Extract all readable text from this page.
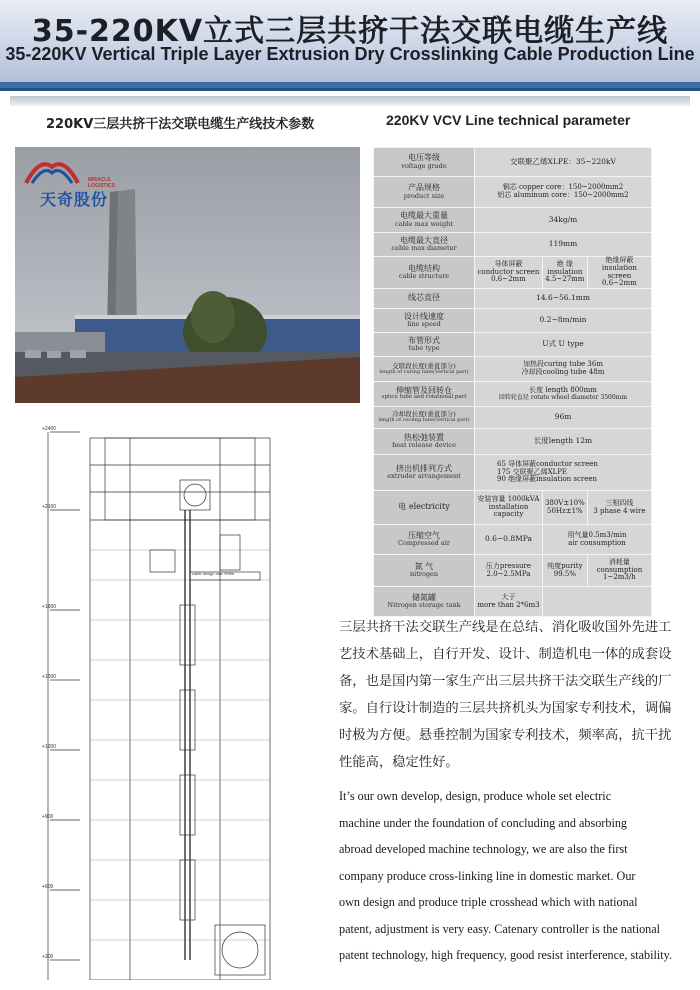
35-220KV立式三层共挤干法交联电缆生产线
35-220KV Vertical Triple Layer Extrusion Dry Crosslinking Cable Production Line
220KV三层共挤干法交联电缆生产线技术参数	220KV VCV Line technical parameter
MIRACLE LOGISTICS
天奇股份
+2400
+2100
+1800
+1500
+1200
+900
+600
+300
cable design max 900m
电压等级
voltage grade	交联聚乙烯XLPE：35~220kV		

产品规格
product size	铜芯 copper core：150~2000mm2
铝芯 aluminum core：150~2000mm2		

电缆最大重量
cable max weight	34kg/m		

电缆最大直径
cable max diameter	119mm		

电缆结构
cable structure	导体屏蔽
conductor screen
0.6~2mm	绝 缘
insulation
4.5~27mm	绝缘屏蔽
insulation screen
0.6~2mm

线芯直径	14.6~56.1mm		

设计线速度
line speed	0.2~8m/min		

布管形式
tube type	U式 U type		

交联段长度(垂直部分)
length of curing tube(Vertical part)	加热段curing tube 36m
冷却段cooling tube 48m		

伸缩管及回转仓
splice tube and rotational part	长度 length 800mm
回转轮直径 rotate wheel diameter 3500mm		

冷却段长度(垂直部分)
length of cooling tube(Vertical part)	96m		

热松弛装置
heat release device	长度length 12m		

挤出机排列方式
extruder arrangement	65 导体屏蔽conductor screen
175 交联聚乙烯XLPE
90 绝缘屏蔽insulation screen		

电 electricity	安装容量 1000kVA
installation capacity	380V±10%
50Hz±1%	三相四线
3 phase 4 wire

压缩空气
Compressed air	0.6~0.8MPa	用气量0.5m3/min
air consumption	

氮 气
nitrogen	压力pressure
2.0~2.5MPa	纯度purity
99.5%	消耗量consumption
1~2m3/h

储氮罐
Nitrogen storage tank	大于
more than 2*6m3		

三层共挤干法交联生产线是在总结、消化吸收国外先进工
艺技术基础上，自行开发、设计、制造机电一体的成套设
备，也是国内第一家生产出三层共挤干法交联生产线的厂
家。自行设计制造的三层共挤机头为国家专利技术，调偏
时极为方便。悬垂控制为国家专利技术，频率高，抗干扰
性能高，稳定性好。
It’s our own develop, design, produce whole set electric
machine under the foundation of concluding and absorbing
abroad developed machine technology, we are also the first
company produce cross-linking line in domestic market. Our
own design and produce triple crosshead which with national
patent, adjustment is very easy. Catenary controller is the national
patent technology, high frequency, good resist interference, stability.
